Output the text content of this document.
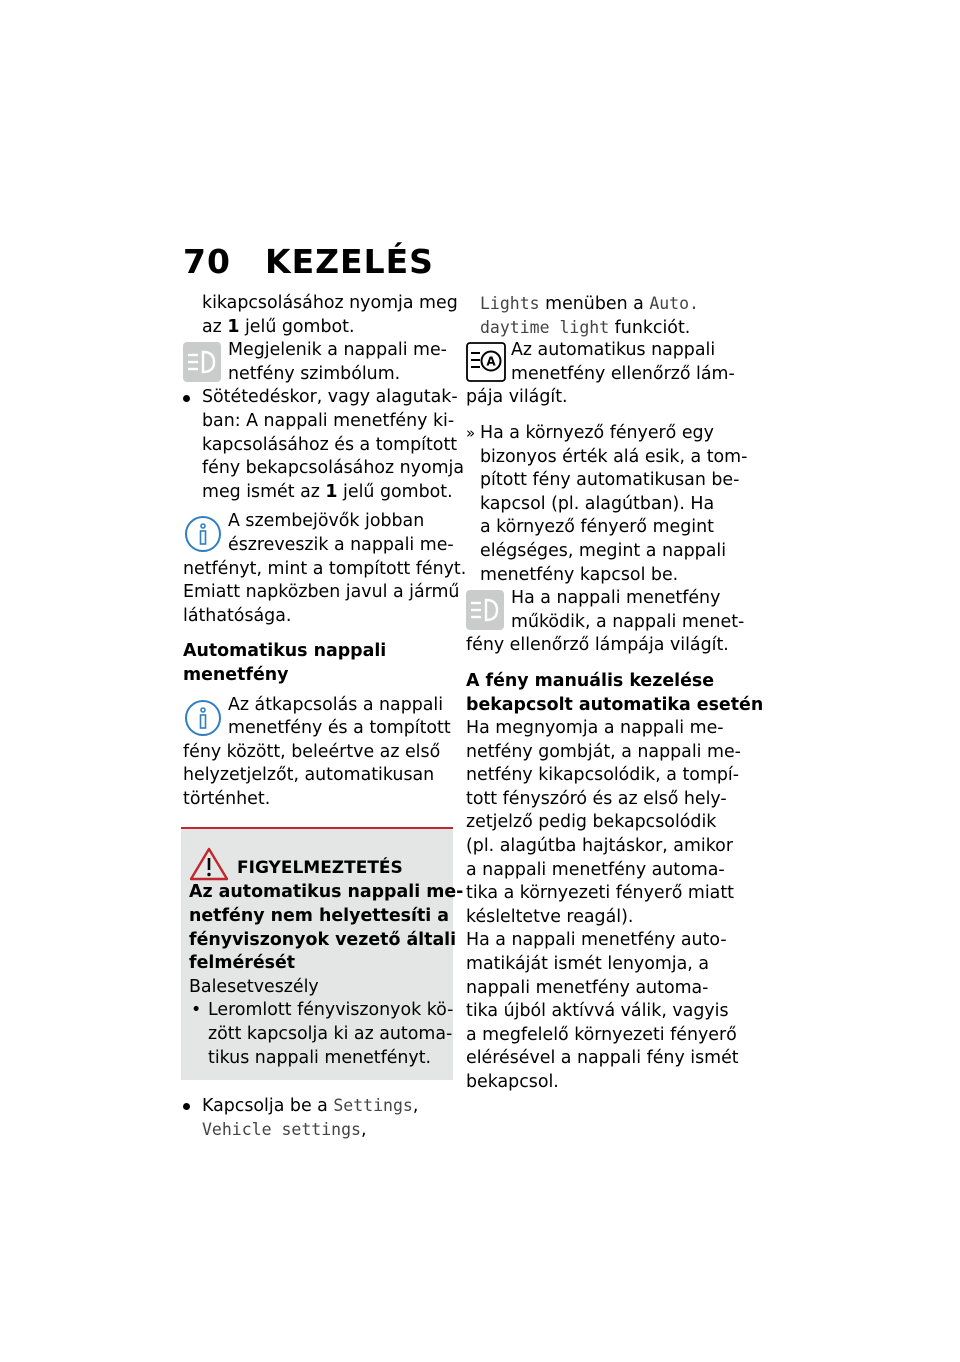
70 KEZELÉS
kikapcsolásához nyomja meg
az 1 jelű gombot.
Megjelenik a nappali me-
netfény szimbólum.
Sötétedéskor, vagy alagutak-
ban: A nappali menetfény ki-
kapcsolásához és a tompított
fény bekapcsolásához nyomja
meg ismét az 1 jelű gombot.
A szembejövők jobban
észreveszik a nappali me-
netfényt, mint a tompított fényt.
Emiatt napközben javul a jármű
láthatósága.
Automatikus nappali
menetfény
Az átkapcsolás a nappali
menetfény és a tompított
fény között, beleértve az első
helyzetjelzőt, automatikusan
történhet.
FIGYELMEZTETÉS
Az automatikus nappali me-
netfény nem helyettesíti a
fényviszonyok vezető általi
felmérését
Balesetveszély
• Leromlott fényviszonyok kö-
zött kapcsolja ki az automa-
tikus nappali menetfényt.
Kapcsolja be a Settings,
Vehicle settings,
Lights menüben a Auto.
daytime light funkciót.
A
Az automatikus nappali
menetfény ellenőrző lám-
pája világít.
» Ha a környező fényerő egy
bizonyos érték alá esik, a tom-
pított fény automatikusan be-
kapcsol (pl. alagútban). Ha
a környező fényerő megint
elégséges, megint a nappali
menetfény kapcsol be.
Ha a nappali menetfény
működik, a nappali menet-
fény ellenőrző lámpája világít.
A fény manuális kezelése
bekapcsolt automatika esetén
Ha megnyomja a nappali me-
netfény gombját, a nappali me-
netfény kikapcsolódik, a tompí-
tott fényszóró és az első hely-
zetjelző pedig bekapcsolódik
(pl. alagútba hajtáskor, amikor
a nappali menetfény automa-
tika a környezeti fényerő miatt
késleltetve reagál).
Ha a nappali menetfény auto-
matikáját ismét lenyomja, a
nappali menetfény automa-
tika újból aktívvá válik, vagyis
a megfelelő környezeti fényerő
elérésével a nappali fény ismét
bekapcsol.
